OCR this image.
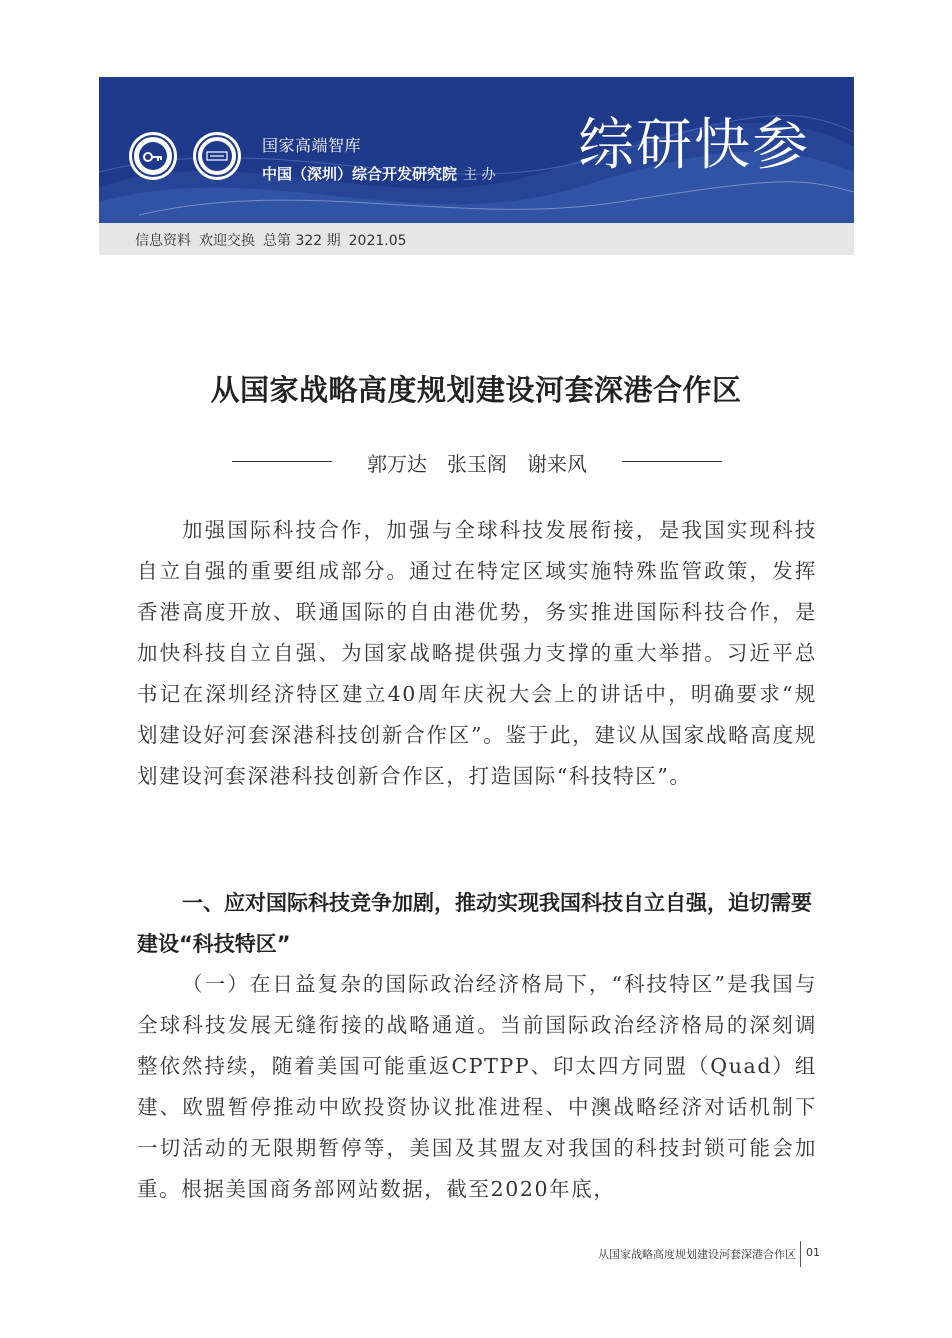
国家高端智库
中国（深圳）综合开发研究院 主 办 综研快参
信息资料 欢迎交换 总第 322 期 2021.05
从国家战略高度规划建设河套深港合作区
郭万达　张玉阁　谢来风

加强国际科技合作，加强与全球科技发展衔接，是我国实现科技自立自强的重要组成部分。通过在特定区域实施特殊监管政策，发挥香港高度开放、联通国际的自由港优势，务实推进国际科技合作，是加快科技自立自强、为国家战略提供强力支撑的重大举措。习近平总书记在深圳经济特区建立40周年庆祝大会上的讲话中，明确要求“规划建设好河套深港科技创新合作区”。鉴于此，建议从国家战略高度规划建设河套深港科技创新合作区，打造国际“科技特区”。

一、应对国际科技竞争加剧，推动实现我国科技自立自强，迫切需要建设“科技特区”

（一）在日益复杂的国际政治经济格局下，“科技特区”是我国与全球科技发展无缝衔接的战略通道。当前国际政治经济格局的深刻调整依然持续，随着美国可能重返CPTPP、印太四方同盟（Quad）组建、欧盟暂停推动中欧投资协议批准进程、中澳战略经济对话机制下一切活动的无限期暂停等，美国及其盟友对我国的科技封锁可能会加重。根据美国商务部网站数据，截至2020年底，

从国家战略高度规划建设河套深港合作区 01
